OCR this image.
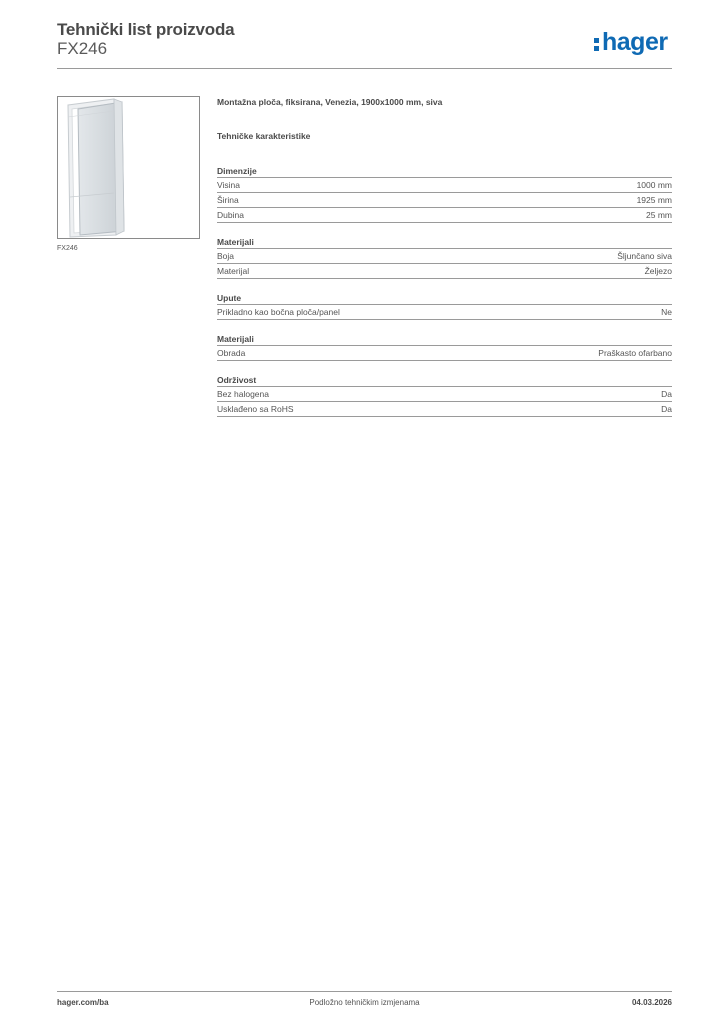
Tehnički list proizvoda
FX246	hager
FX246
Montažna ploča, fiksirana, Venezia, 1900x1000 mm, siva
Tehničke karakteristike
Dimenzije
Visina	1000 mm
Širina	1925 mm
Dubina	25 mm
Materijali
Boja	Šljunčano siva
Materijal	Željezo
Upute
Prikladno kao bočna ploča/panel	Ne
Materijali
Obrada	Praškasto ofarbano
Održivost
Bez halogena	Da
Usklađeno sa RoHS	Da
hager.com/ba	Podložno tehničkim izmjenama	04.03.2026
